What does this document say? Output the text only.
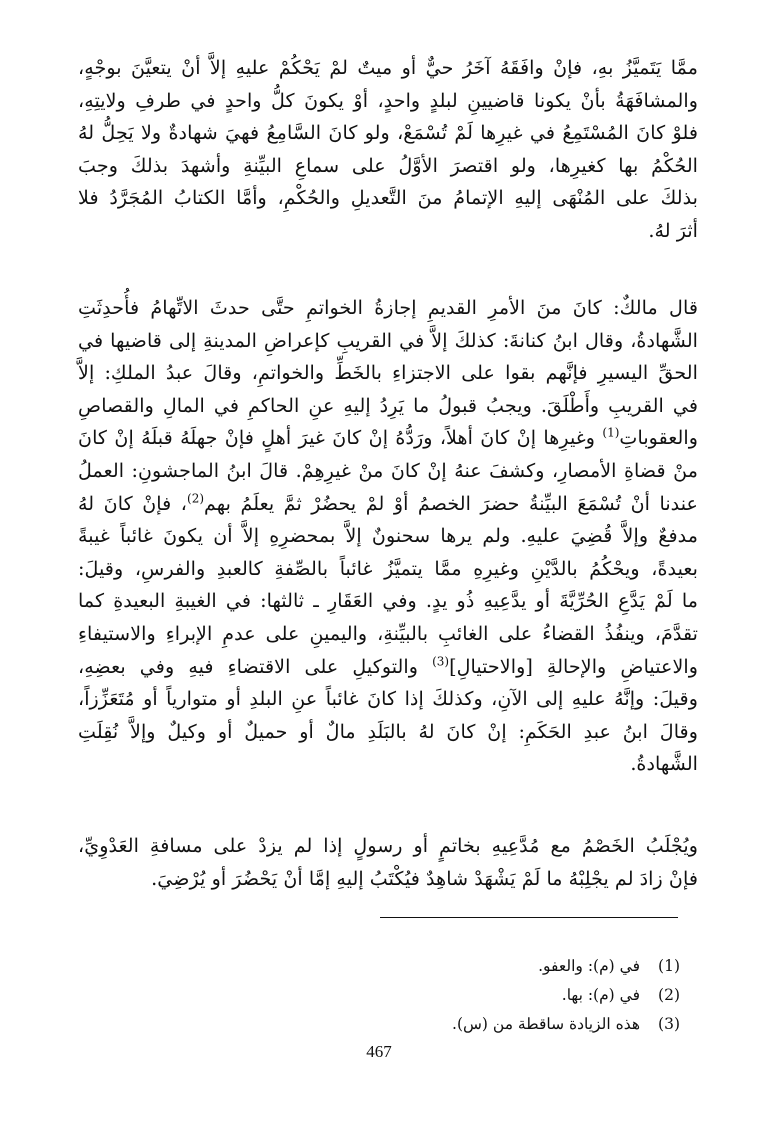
ممَّا يَتَميَّزُ بهِ، فإنْ وافَقَهُ آخَرُ حيٌّ أو ميتٌ لمْ يَحْكُمْ عليهِ إلاَّ أنْ يتعيَّنَ بوجْهٍ،
والمشافَهَةُ بأنْ يكونا قاضيينِ لبلدٍ واحدٍ، أوْ يكونَ كلُّ واحدٍ في طرفِ ولايتِهِ،
فلوْ كانَ المُسْتَمِعُ في غيرِها لَمْ تُسْمَعْ، ولو كانَ السَّامِعُ فهيَ شهادةٌ ولا يَحِلُّ لهُ
الحُكْمُ بها كغيرِها، ولو اقتصرَ الأوَّلُ على سماعِ البيِّنةِ وأشهدَ بذلكَ وجبَ
بذلكَ على المُنْهَى إليهِ الإتمامُ منَ التَّعديلِ والحُكْمِ، وأمَّا الكتابُ المُجَرَّدُ فلا
أثرَ لهُ.
قال مالكٌ: كانَ منَ الأمرِ القديمِ إجازةُ الخواتمِ حتَّى حدثَ الاتِّهامُ فأُحدِثَتِ
الشَّهادةُ، وقال ابنُ كنانةَ: كذلكَ إلاَّ في القريبِ كإعراضِ المدينةِ إلى قاضيها في
الحقِّ اليسيرِ فإنَّهم بقوا على الاجتزاءِ بالخَطِّ والخواتمِ، وقالَ عبدُ الملكِ: إلاَّ
في القريبِ وأَطْلَقَ. ويجبُ قبولُ ما يَرِدُ إليهِ عنِ الحاكمِ في المالِ والقصاصِ
والعقوباتِ$^{(1)}$ وغيرِها إنْ كانَ أهلاً، ورَدُّهُ إنْ كانَ غيرَ أهلٍ فإنْ جهلَهُ قبلَهُ إنْ كانَ
منْ قضاةِ الأمصارِ، وكشفَ عنهُ إنْ كانَ منْ غيرِهِمْ. قالَ ابنُ الماجشونِ: العملُ
عندنا أنْ تُسْمَعَ البيِّنةُ حضرَ الخصمُ أوْ لمْ يحضُرْ ثمَّ يعلَمُ بهم$^{(2)}$، فإنْ كانَ لهُ
مدفعٌ وإلاَّ قُضِيَ عليهِ. ولم يرها سحنونٌ إلاَّ بمحضرِهِ إلاَّ أن يكونَ غائباً غيبةً
بعيدةً، ويحْكُمُ بالدَّيْنِ وغيرِهِ ممَّا يتميَّزُ غائباً بالصِّفةِ كالعبدِ والفرسِ، وقيلَ:
ما لَمْ يَدَّعِ الحُرِّيَّةَ أو يدَّعِيهِ ذُو يدٍ. وفي العَقَارِ ـ ثالثها: في الغيبةِ البعيدةِ كما
تقدَّمَ، وينفُذُ القضاءُ على الغائبِ بالبيِّنةِ، واليمينِ على عدمِ الإبراءِ والاستيفاءِ
والاعتياضِ والإحالةِ [والاحتيالِ]$^{(3)}$ والتوكيلِ على الاقتضاءِ فيهِ وفي بعضِهِ،
وقيلَ: وإنَّهُ عليهِ إلى الآنِ، وكذلكَ إذا كانَ غائباً عنِ البلدِ أو متوارياً أو مُتَعَزِّزاً،
وقالَ ابنُ عبدِ الحَكَمِ: إنْ كانَ لهُ بالبَلَدِ مالٌ أو حميلٌ أو وكيلٌ وإلاَّ نُقِلَتِ
الشَّهادةُ.
ويُجْلَبُ الخَصْمُ مع مُدَّعِيهِ بخاتمٍ أو رسولٍ إذا لم يزدْ على مسافةِ العَدْوِيِّ،
فإنْ زادَ لم يجْلِبْهُ ما لَمْ يَشْهَدْ شاهِدٌ فيُكْتَبُ إليهِ إمَّا أنْ يَحْضُرَ أو يُرْضِيَ.
(1)
في (م): والعفو.
(2)
في (م): بها.
(3)
هذه الزيادة ساقطة من (س).
467
